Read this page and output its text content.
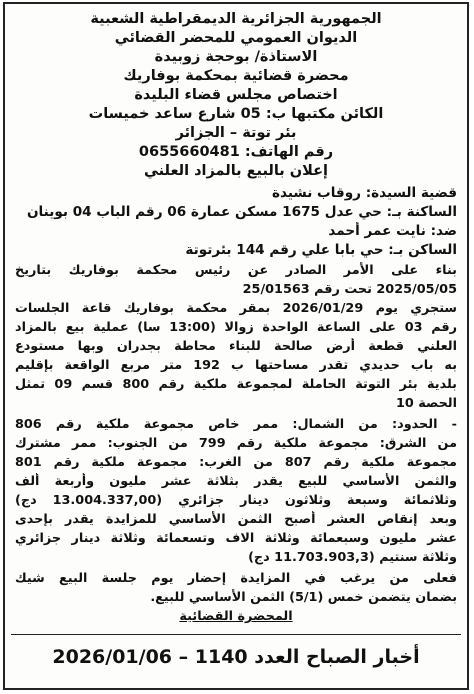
الجمهورية الجزائرية الديمقراطية الشعبية
الديوان العمومي للمحضر القضائي
الاستاذة/ بوحجة زوبيدة
محضرة قضائية بمحكمة بوفاريك
اختصاص مجلس قضاء البليدة
الكائن مكتبها ب: 05 شارع ساعد خميسات
بئر توتة – الجزائر
رقم الهاتف: 0655660481
إعلان بالبيع بالمزاد العلني
قضية السيدة: روقاب نشيدة
الساكنة بـ: حي عدل 1675 مسكن عمارة 06 رقم الباب 04 بوينان
ضد: نايت عمر أحمد
الساكن بـ: حي بابا علي رقم 144 بئرتوتة
بناء على الأمر الصادر عن رئيس محكمة بوفاريك بتاريخ
2025/05/05 تحت رقم 25/01563
ستجري يوم 2026/01/29 بمقر محكمة بوفاريك قاعة الجلسات
رقم 03 على الساعة الواحدة زوالا (13:00 سا) عملية بيع بالمزاد
العلني قطعة أرض صالحة للبناء محاطة بجدران وبها مستودع
به باب حديدي تقدر مساحتها ب 192 متر مربع الواقعة بإقليم
بلدية بئر التوتة الحاملة لمجموعة ملكية رقم 800 قسم 09 تمثل
الحصة 10
- الحدود: من الشمال: ممر خاص مجموعة ملكية رقم 806
من الشرق: مجموعة ملكية رقم 799 من الجنوب: ممر مشترك
مجموعة ملكية رقم 807 من الغرب: مجموعة ملكية رقم 801
والثمن الأساسي للبيع يقدر بثلاثة عشر مليون وأربعة ألف
وثلاثمائة وسبعة وثلاثون دينار جزائري (13.004.337,00 دج)
وبعد إنقاص العشر أصبح الثمن الأساسي للمزايدة يقدر بإحدى
عشر مليون وسبعمائة وثلاثة الاف وتسعمائة وثلاثة دينار جزائري
وثلاثة سنتيم (11.703.903,3 دج)
فعلى من يرغب في المزايدة إحضار يوم جلسة البيع شيك
بضمان يتضمن خمس (5/1) الثمن الأساسي للبيع.
المحضرة القضائية
أخبار الصباح العدد 1140 – 2026/01/06
